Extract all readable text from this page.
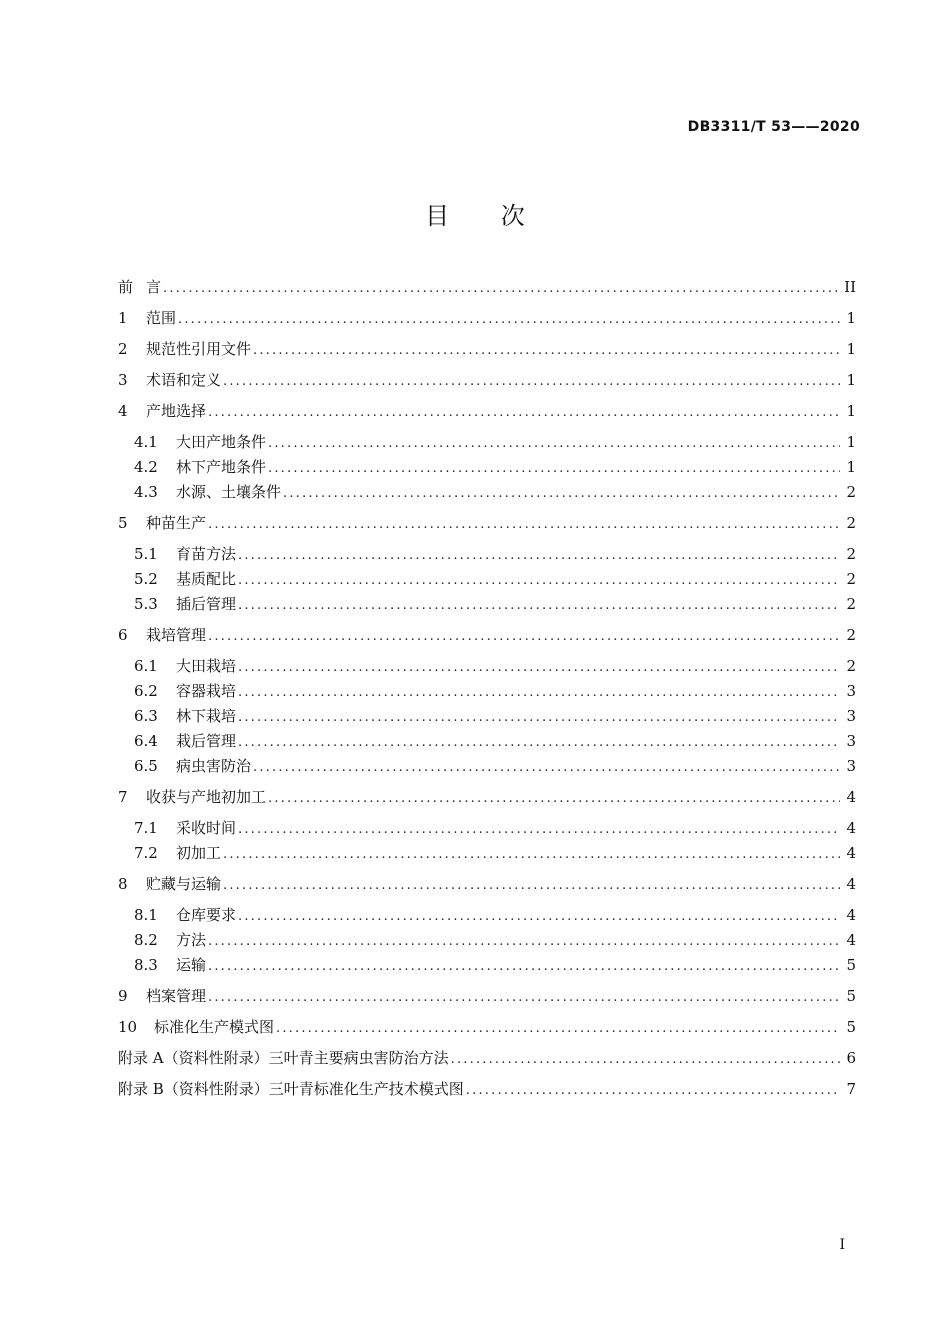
DB3311/T 53——2020
目 次
前 言 .....	II
1	范围 .....	1
2	规范性引用文件 .....	1
3	术语和定义 .....	1
4	产地选择 .....	1
4.1	大田产地条件 .....	1
4.2	林下产地条件 .....	1
4.3	水源、土壤条件 .....	2
5	种苗生产 .....	2
5.1	育苗方法 .....	2
5.2	基质配比 .....	2
5.3	插后管理 .....	2
6	栽培管理 .....	2
6.1	大田栽培 .....	2
6.2	容器栽培 .....	3
6.3	林下栽培 .....	3
6.4	栽后管理 .....	3
6.5	病虫害防治 .....	3
7	收获与产地初加工 .....	4
7.1	采收时间 .....	4
7.2	初加工 .....	4
8	贮藏与运输 .....	4
8.1	仓库要求 .....	4
8.2	方法 .....	4
8.3	运输 .....	5
9	档案管理 .....	5
10	标准化生产模式图 .....	5
附录 A（资料性附录）三叶青主要病虫害防治方法 .....	6
附录 B（资料性附录）三叶青标准化生产技术模式图 .....	7
I
